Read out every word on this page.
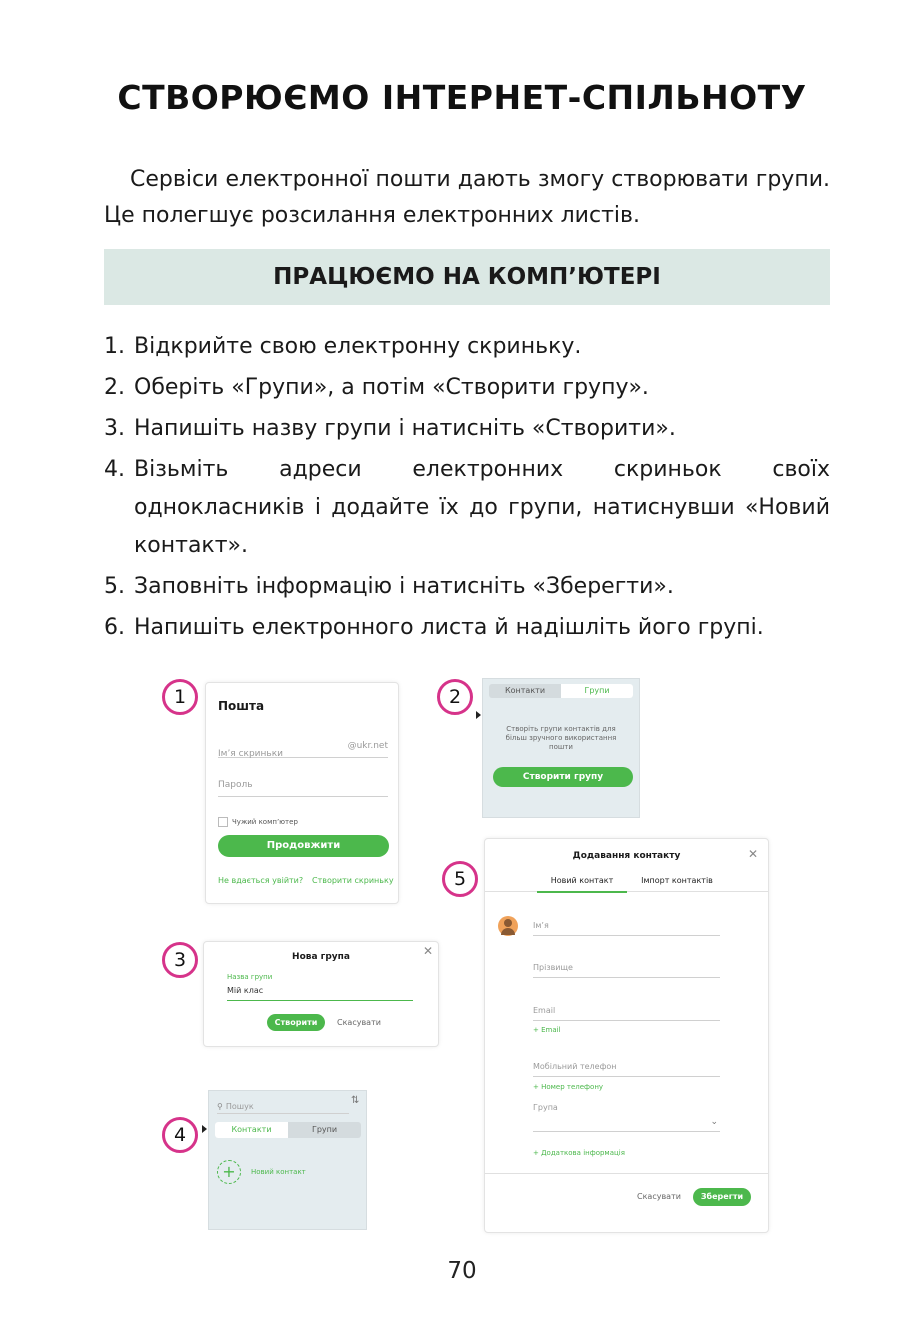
СТВОРЮЄМО ІНТЕРНЕТ-СПІЛЬНОТУ
Сервіси електронної пошти дають змогу створювати групи. Це полегшує розсилання електронних листів.
ПРАЦЮЄМО НА КОМП’ЮТЕРІ
1. Відкрийте свою електронну скриньку.
2. Оберіть «Групи», а потім «Створити групу».
3. Напишіть назву групи і натисніть «Створити».
4. Візьміть адреси електронних скриньок своїх однокласників і додайте їх до групи, натиснувши «Новий контакт».
5. Заповніть інформацію і натисніть «Зберегти».
6. Напишіть електронного листа й надішліть його групі.
1	Пошта
Ім’я скриньки
@ukr.net
Пароль
Чужий комп’ютер
Продовжити
Не вдається увійти? Створити скриньку
2	Контакти	Групи
Створіть групи контактів для більш зручного використання пошти
Створити групу
3	Нова група	✕
Назва групи
Мій клас
Створити	Скасувати
4
⚲ Пошук	⇅
Контакти	Групи
+	Новий контакт
5
Додавання контакту	✕
Новий контакт	Імпорт контактів
Ім’я
Прізвище
Email
+ Email
Мобільний телефон
+ Номер телефону
Група
⌄
+ Додаткова інформація
Скасувати	Зберегти
70
